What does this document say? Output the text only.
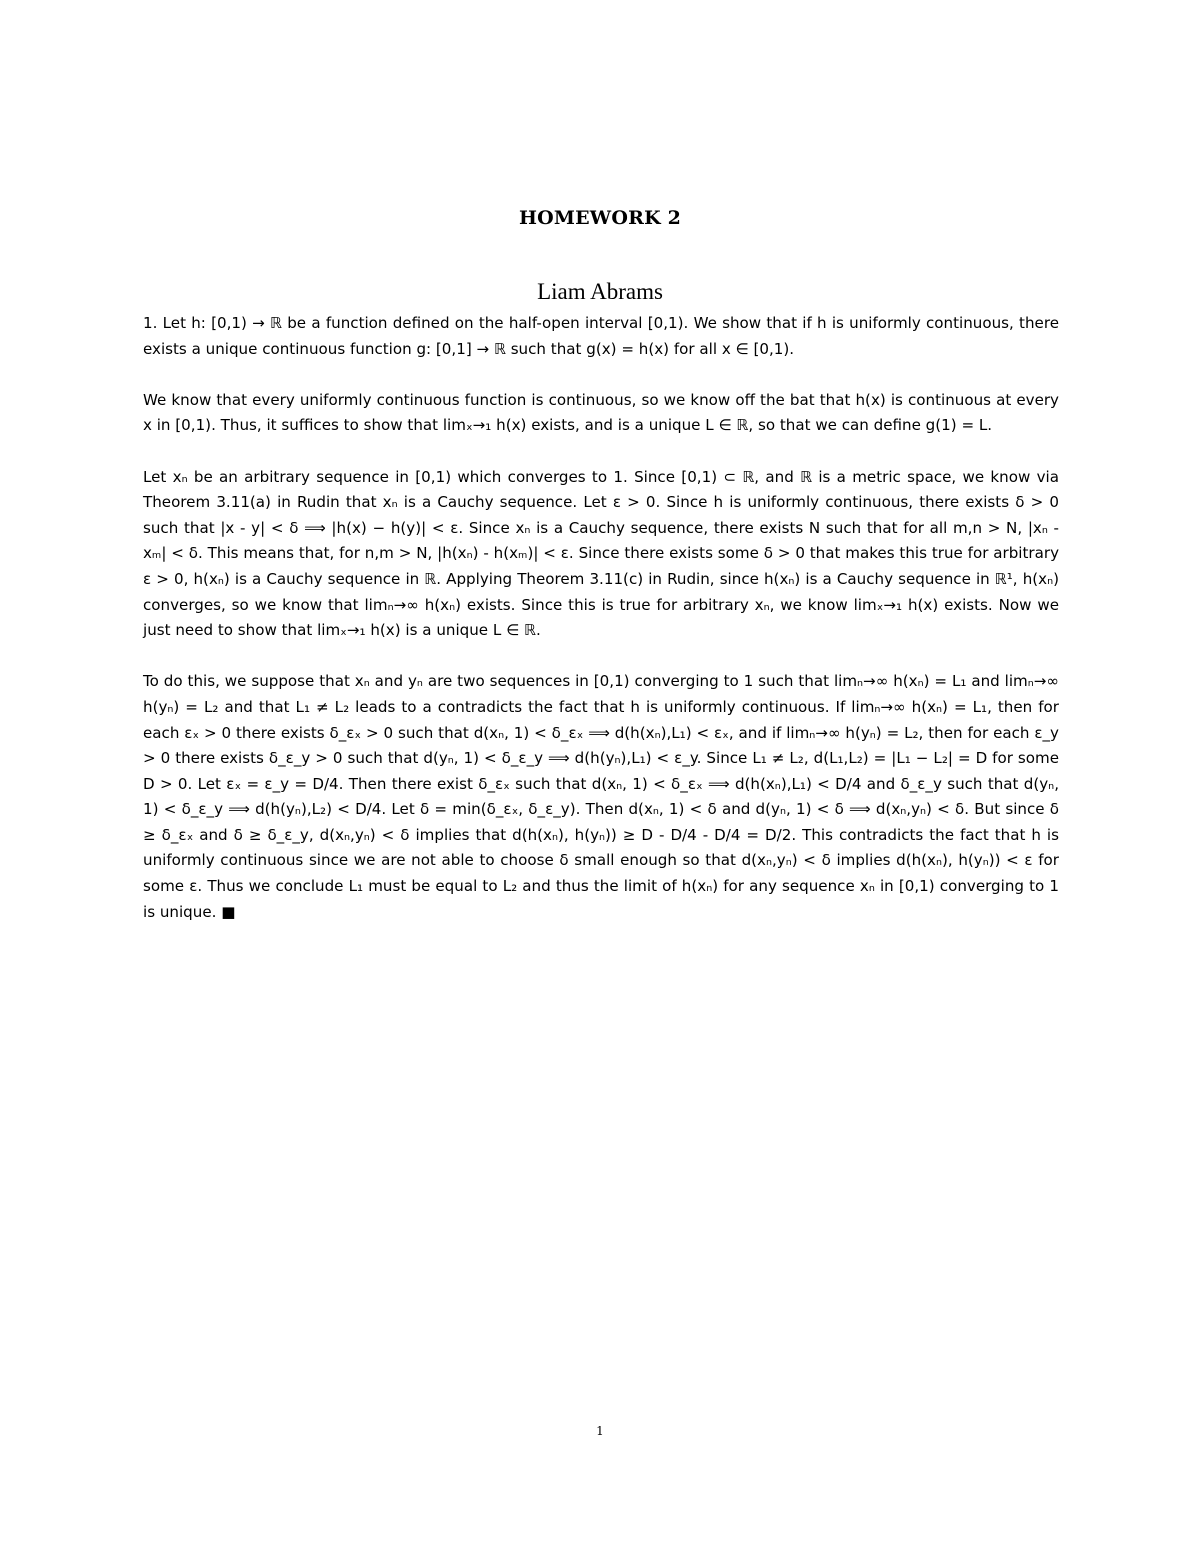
HOMEWORK 2
Liam Abrams

1. Let h: [0,1) → ℝ be a function defined on the half-open interval [0,1). We show that if h is uniformly continuous, there exists a unique continuous function g: [0,1] → ℝ such that g(x) = h(x) for all x ∈ [0,1).

We know that every uniformly continuous function is continuous, so we know off the bat that h(x) is continuous at every x in [0,1). Thus, it suffices to show that limₓ→₁ h(x) exists, and is a unique L ∈ ℝ, so that we can define g(1) = L.

Let xₙ be an arbitrary sequence in [0,1) which converges to 1. Since [0,1) ⊂ ℝ, and ℝ is a metric space, we know via Theorem 3.11(a) in Rudin that xₙ is a Cauchy sequence. Let ε > 0. Since h is uniformly continuous, there exists δ > 0 such that |x - y| < δ ⟹ |h(x) − h(y)| < ε. Since xₙ is a Cauchy sequence, there exists N such that for all m,n > N, |xₙ - xₘ| < δ. This means that, for n,m > N, |h(xₙ) - h(xₘ)| < ε. Since there exists some δ > 0 that makes this true for arbitrary ε > 0, h(xₙ) is a Cauchy sequence in ℝ. Applying Theorem 3.11(c) in Rudin, since h(xₙ) is a Cauchy sequence in ℝ¹, h(xₙ) converges, so we know that limₙ→∞ h(xₙ) exists. Since this is true for arbitrary xₙ, we know limₓ→₁ h(x) exists. Now we just need to show that limₓ→₁ h(x) is a unique L ∈ ℝ.

To do this, we suppose that xₙ and yₙ are two sequences in [0,1) converging to 1 such that limₙ→∞ h(xₙ) = L₁ and limₙ→∞ h(yₙ) = L₂ and that L₁ ≠ L₂ leads to a contradicts the fact that h is uniformly continuous. If limₙ→∞ h(xₙ) = L₁, then for each εₓ > 0 there exists δ_εₓ > 0 such that d(xₙ, 1) < δ_εₓ ⟹ d(h(xₙ),L₁) < εₓ, and if limₙ→∞ h(yₙ) = L₂, then for each ε_y > 0 there exists δ_ε_y > 0 such that d(yₙ, 1) < δ_ε_y ⟹ d(h(yₙ),L₁) < ε_y. Since L₁ ≠ L₂, d(L₁,L₂) = |L₁ − L₂| = D for some D > 0. Let εₓ = ε_y = D/4. Then there exist δ_εₓ such that d(xₙ, 1) < δ_εₓ ⟹ d(h(xₙ),L₁) < D/4 and δ_ε_y such that d(yₙ, 1) < δ_ε_y ⟹ d(h(yₙ),L₂) < D/4. Let δ = min(δ_εₓ, δ_ε_y). Then d(xₙ, 1) < δ and d(yₙ, 1) < δ ⟹ d(xₙ,yₙ) < δ. But since δ ≥ δ_εₓ and δ ≥ δ_ε_y, d(xₙ,yₙ) < δ implies that d(h(xₙ), h(yₙ)) ≥ D - D/4 - D/4 = D/2. This contradicts the fact that h is uniformly continuous since we are not able to choose δ small enough so that d(xₙ,yₙ) < δ implies d(h(xₙ), h(yₙ)) < ε for some ε. Thus we conclude L₁ must be equal to L₂ and thus the limit of h(xₙ) for any sequence xₙ in [0,1) converging to 1 is unique. ■

1
